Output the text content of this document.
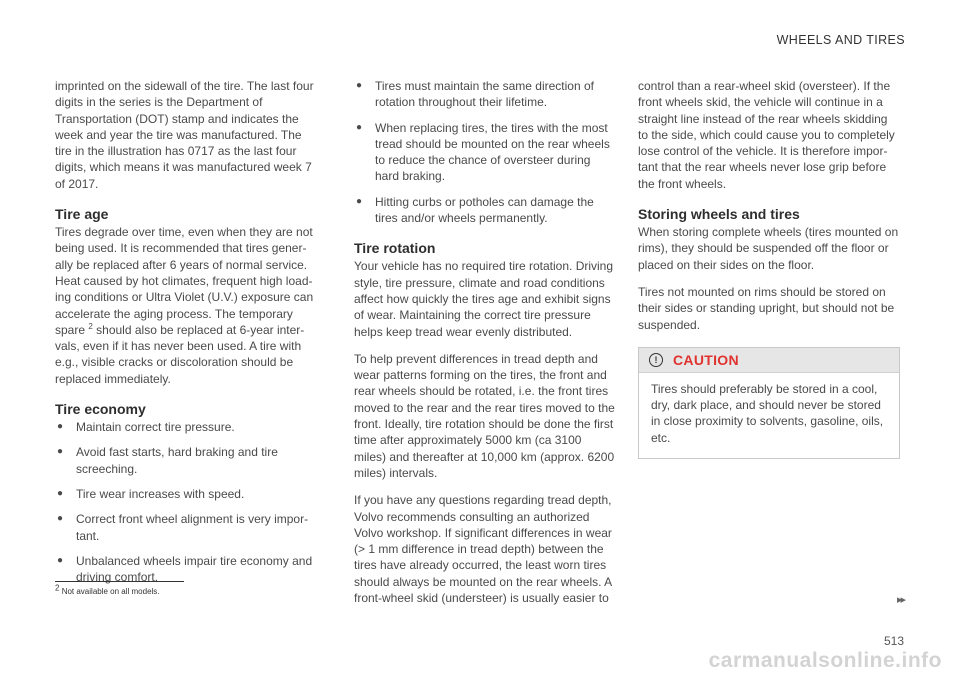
WHEELS AND TIRES

imprinted on the sidewall of the tire. The last four digits in the series is the Department of Transportation (DOT) stamp and indicates the week and year the tire was manufactured. The tire in the illustration has 0717 as the last four digits, which means it was manufactured week 7 of 2017.

Tire age

Tires degrade over time, even when they are not being used. It is recommended that tires gener-ally be replaced after 6 years of normal service. Heat caused by hot climates, frequent high load-ing conditions or Ultra Violet (U.V.) exposure can accelerate the aging process. The temporary spare $^2$ should also be replaced at 6-year inter-vals, even if it has never been used. A tire with e.g., visible cracks or discoloration should be replaced immediately.

Tire economy
● Maintain correct tire pressure.
● Avoid fast starts, hard braking and tire screeching.
● Tire wear increases with speed.
● Correct front wheel alignment is very impor-tant.
● Unbalanced wheels impair tire economy and driving comfort.
● Tires must maintain the same direction of rotation throughout their lifetime.
● When replacing tires, the tires with the most tread should be mounted on the rear wheels to reduce the chance of oversteer during hard braking.
● Hitting curbs or potholes can damage the tires and/or wheels permanently.
Tire rotation

Your vehicle has no required tire rotation. Driving style, tire pressure, climate and road conditions affect how quickly the tires age and exhibit signs of wear. Maintaining the correct tire pressure helps keep tread wear evenly distributed.

To help prevent differences in tread depth and wear patterns forming on the tires, the front and rear wheels should be rotated, i.e. the front tires moved to the rear and the rear tires moved to the front. Ideally, tire rotation should be done the first time after approximately 5000 km (ca 3100 miles) and thereafter at 10,000 km (approx. 6200 miles) intervals.

If you have any questions regarding tread depth, Volvo recommends consulting an authorized Volvo workshop. If significant differences in wear (> 1 mm difference in tread depth) between the tires have already occurred, the least worn tires should always be mounted on the rear wheels. A front-wheel skid (understeer) is usually easier to

control than a rear-wheel skid (oversteer). If the front wheels skid, the vehicle will continue in a straight line instead of the rear wheels skidding to the side, which could cause you to completely lose control of the vehicle. It is therefore impor-tant that the rear wheels never lose grip before the front wheels.

Storing wheels and tires

When storing complete wheels (tires mounted on rims), they should be suspended off the floor or placed on their sides on the floor.

Tires not mounted on rims should be stored on their sides or standing upright, but should not be suspended.

!	CAUTION

Tires should preferably be stored in a cool, dry, dark place, and should never be stored in close proximity to solvents, gasoline, oils, etc.

$^2$ Not available on all models.
▸▸
513
carmanualsonline.info
